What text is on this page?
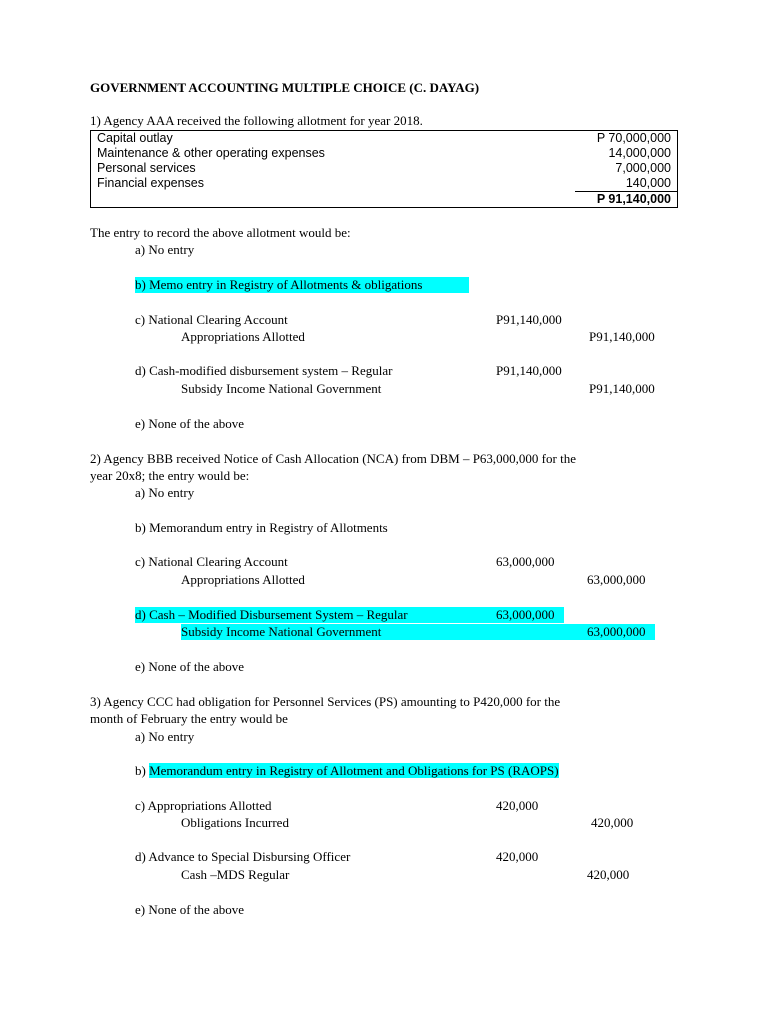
GOVERNMENT ACCOUNTING MULTIPLE CHOICE (C. DAYAG)
1) Agency AAA received the following allotment for year 2018.
Capital outlay	P 70,000,000
Maintenance & other operating expenses	14,000,000
Personal services	7,000,000
Financial expenses	140,000
	P 91,140,000
The entry to record the above allotment would be:
a) No entry
b) Memo entry in Registry of Allotments & obligations
c) National Clearing Account	P91,140,000
Appropriations Allotted	P91,140,000
d) Cash-modified disbursement system – Regular	P91,140,000
Subsidy Income National Government	P91,140,000
e) None of the above
2) Agency BBB received Notice of Cash Allocation (NCA) from DBM – P63,000,000 for the
year 20x8; the entry would be:
a) No entry
b) Memorandum entry in Registry of Allotments
c) National Clearing Account	63,000,000
Appropriations Allotted	63,000,000
d) Cash – Modified Disbursement System – Regular	63,000,000
Subsidy Income National Government	63,000,000
e) None of the above
3) Agency CCC had obligation for Personnel Services (PS) amounting to P420,000 for the
month of February the entry would be
a) No entry
b) Memorandum entry in Registry of Allotment and Obligations for PS (RAOPS)
c) Appropriations Allotted	420,000
Obligations Incurred	420,000
d) Advance to Special Disbursing Officer	420,000
Cash –MDS Regular	420,000
e) None of the above
